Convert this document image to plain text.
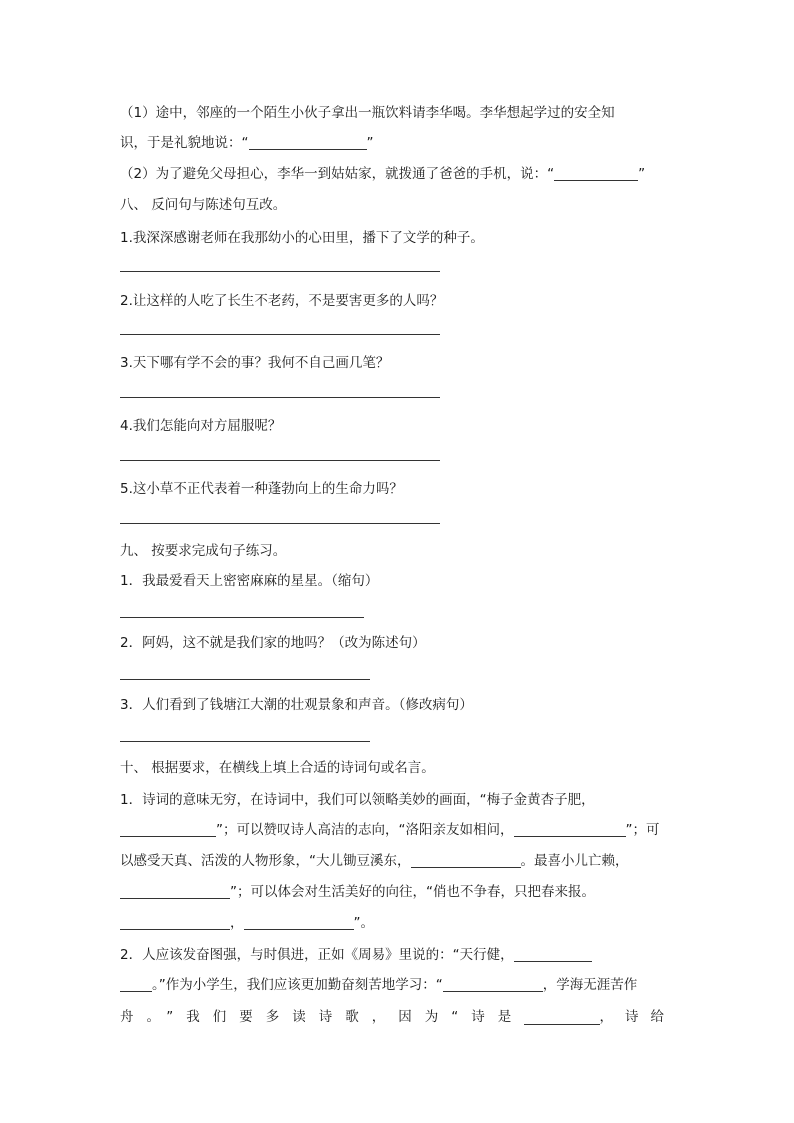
（1）途中，邻座的一个陌生小伙子拿出一瓶饮料请李华喝。李华想起学过的安全知
识，于是礼貌地说：“	”
（2）为了避免父母担心，李华一到姑姑家，就拨通了爸爸的手机，说：“	”
八、 反问句与陈述句互改。
1.我深深感谢老师在我那幼小的心田里，播下了文学的种子。
2.让这样的人吃了长生不老药，不是要害更多的人吗？
3.天下哪有学不会的事？我何不自己画几笔？
4.我们怎能向对方屈服呢？
5.这小草不正代表着一种蓬勃向上的生命力吗？
九、 按要求完成句子练习。
1．我最爱看天上密密麻麻的星星。（缩句）
2．阿妈，这不就是我们家的地吗？（改为陈述句）
3．人们看到了钱塘江大潮的壮观景象和声音。（修改病句）
十、 根据要求，在横线上填上合适的诗词句或名言。
1．诗词的意味无穷，在诗词中，我们可以领略美妙的画面，“梅子金黄杏子肥，
”；可以赞叹诗人高洁的志向，“洛阳亲友如相问，	”；可
以感受天真、活泼的人物形象，“大儿锄豆溪东，	。最喜小儿亡赖，
”；可以体会对生活美好的向往，“俏也不争春，只把春来报。
，	”。
2．人应该发奋图强，与时俱进，正如《周易》里说的：“天行健，
。”作为小学生，我们应该更加勤奋刻苦地学习：“	，学海无涯苦作
舟。”我们要多读诗歌，因为“诗是	，诗给
